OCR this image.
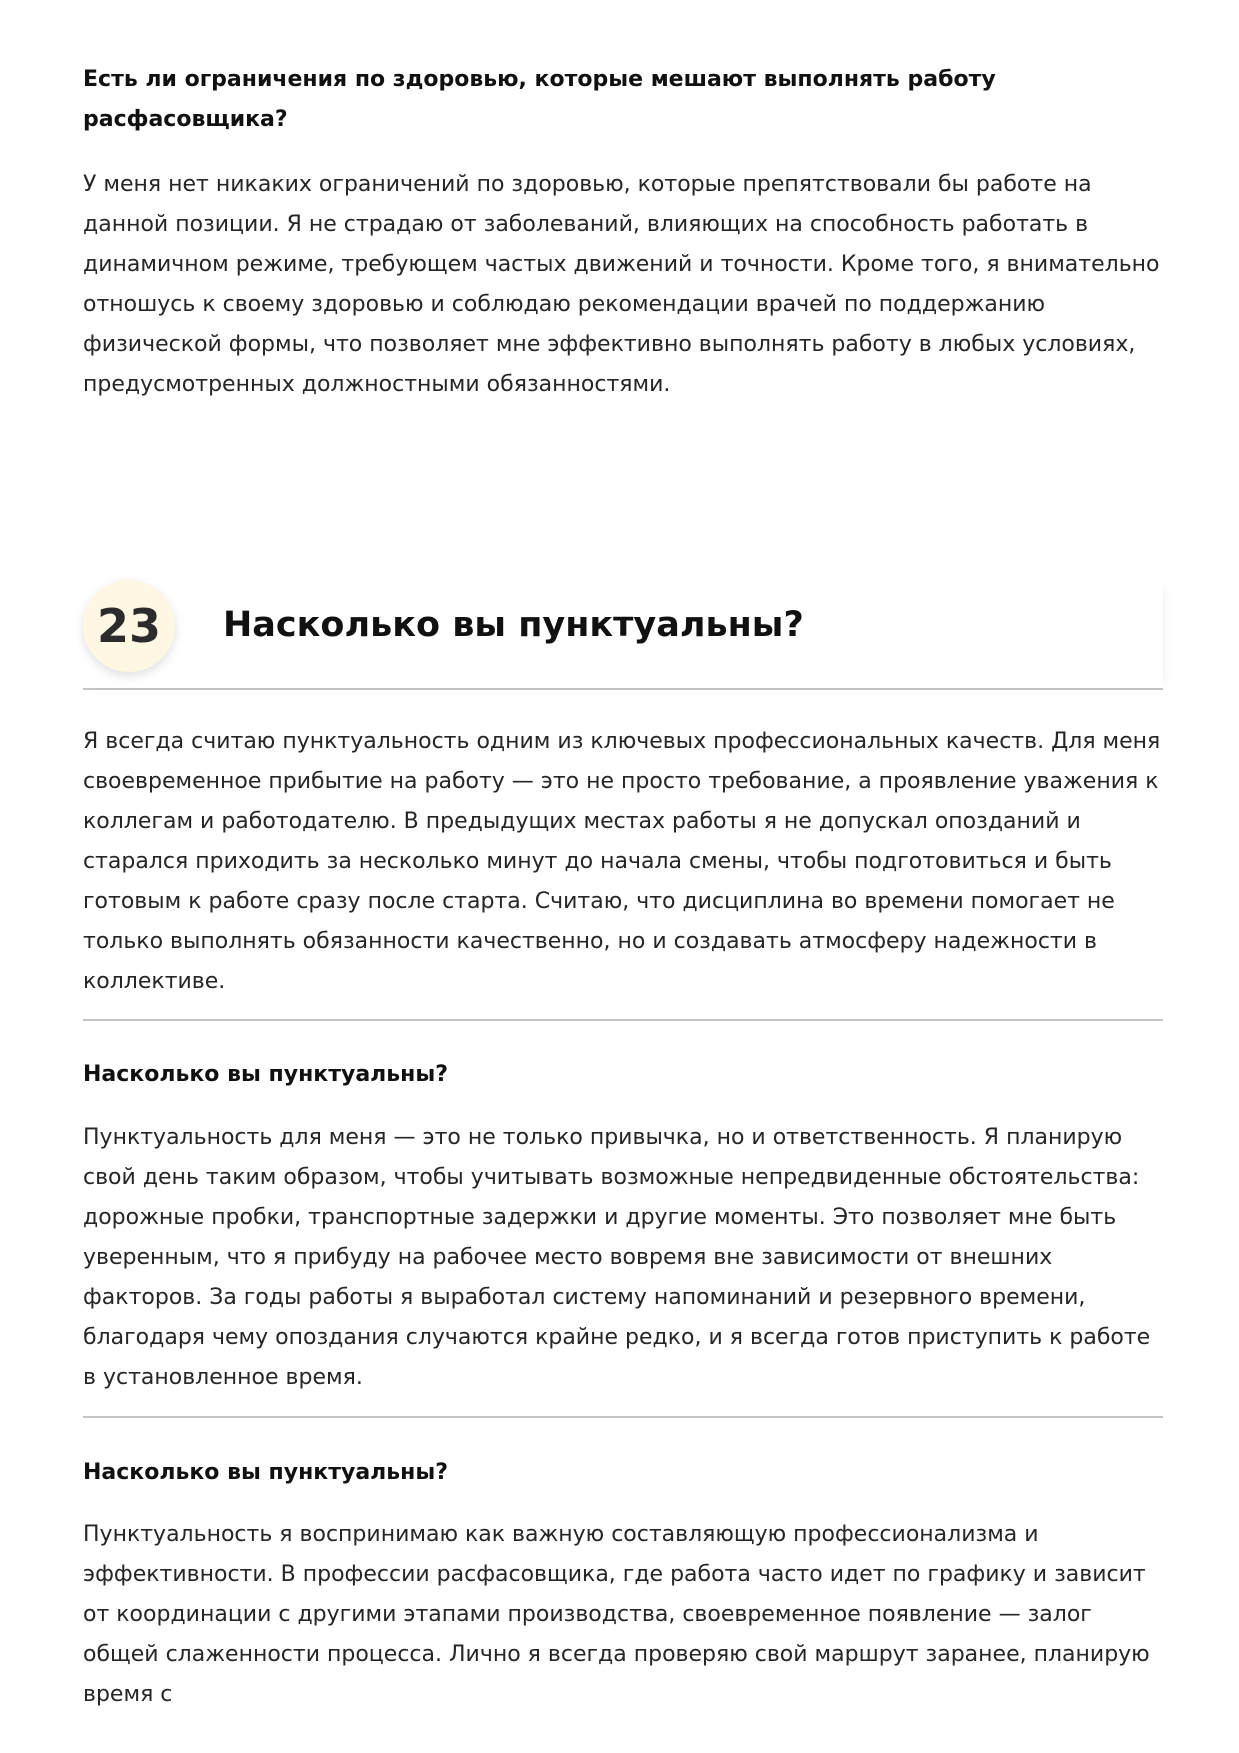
Есть ли ограничения по здоровью, которые мешают выполнять работу расфасовщика?

У меня нет никаких ограничений по здоровью, которые препятствовали бы работе на данной позиции. Я не страдаю от заболеваний, влияющих на способность работать в динамичном режиме, требующем частых движений и точности. Кроме того, я внимательно отношусь к своему здоровью и соблюдаю рекомендации врачей по поддержанию физической формы, что позволяет мне эффективно выполнять работу в любых условиях, предусмотренных должностными обязанностями.

23	Насколько вы пунктуальны?

Я всегда считаю пунктуальность одним из ключевых профессиональных качеств. Для меня своевременное прибытие на работу — это не просто требование, а проявление уважения к коллегам и работодателю. В предыдущих местах работы я не допускал опозданий и старался приходить за несколько минут до начала смены, чтобы подготовиться и быть готовым к работе сразу после старта. Считаю, что дисциплина во времени помогает не только выполнять обязанности качественно, но и создавать атмосферу надежности в коллективе.

Насколько вы пунктуальны?

Пунктуальность для меня — это не только привычка, но и ответственность. Я планирую свой день таким образом, чтобы учитывать возможные непредвиденные обстоятельства: дорожные пробки, транспортные задержки и другие моменты. Это позволяет мне быть уверенным, что я прибуду на рабочее место вовремя вне зависимости от внешних факторов. За годы работы я выработал систему напоминаний и резервного времени, благодаря чему опоздания случаются крайне редко, и я всегда готов приступить к работе в установленное время.

Насколько вы пунктуальны?

Пунктуальность я воспринимаю как важную составляющую профессионализма и эффективности. В профессии расфасовщика, где работа часто идет по графику и зависит от координации с другими этапами производства, своевременное появление — залог общей слаженности процесса. Лично я всегда проверяю свой маршрут заранее, планирую время с
